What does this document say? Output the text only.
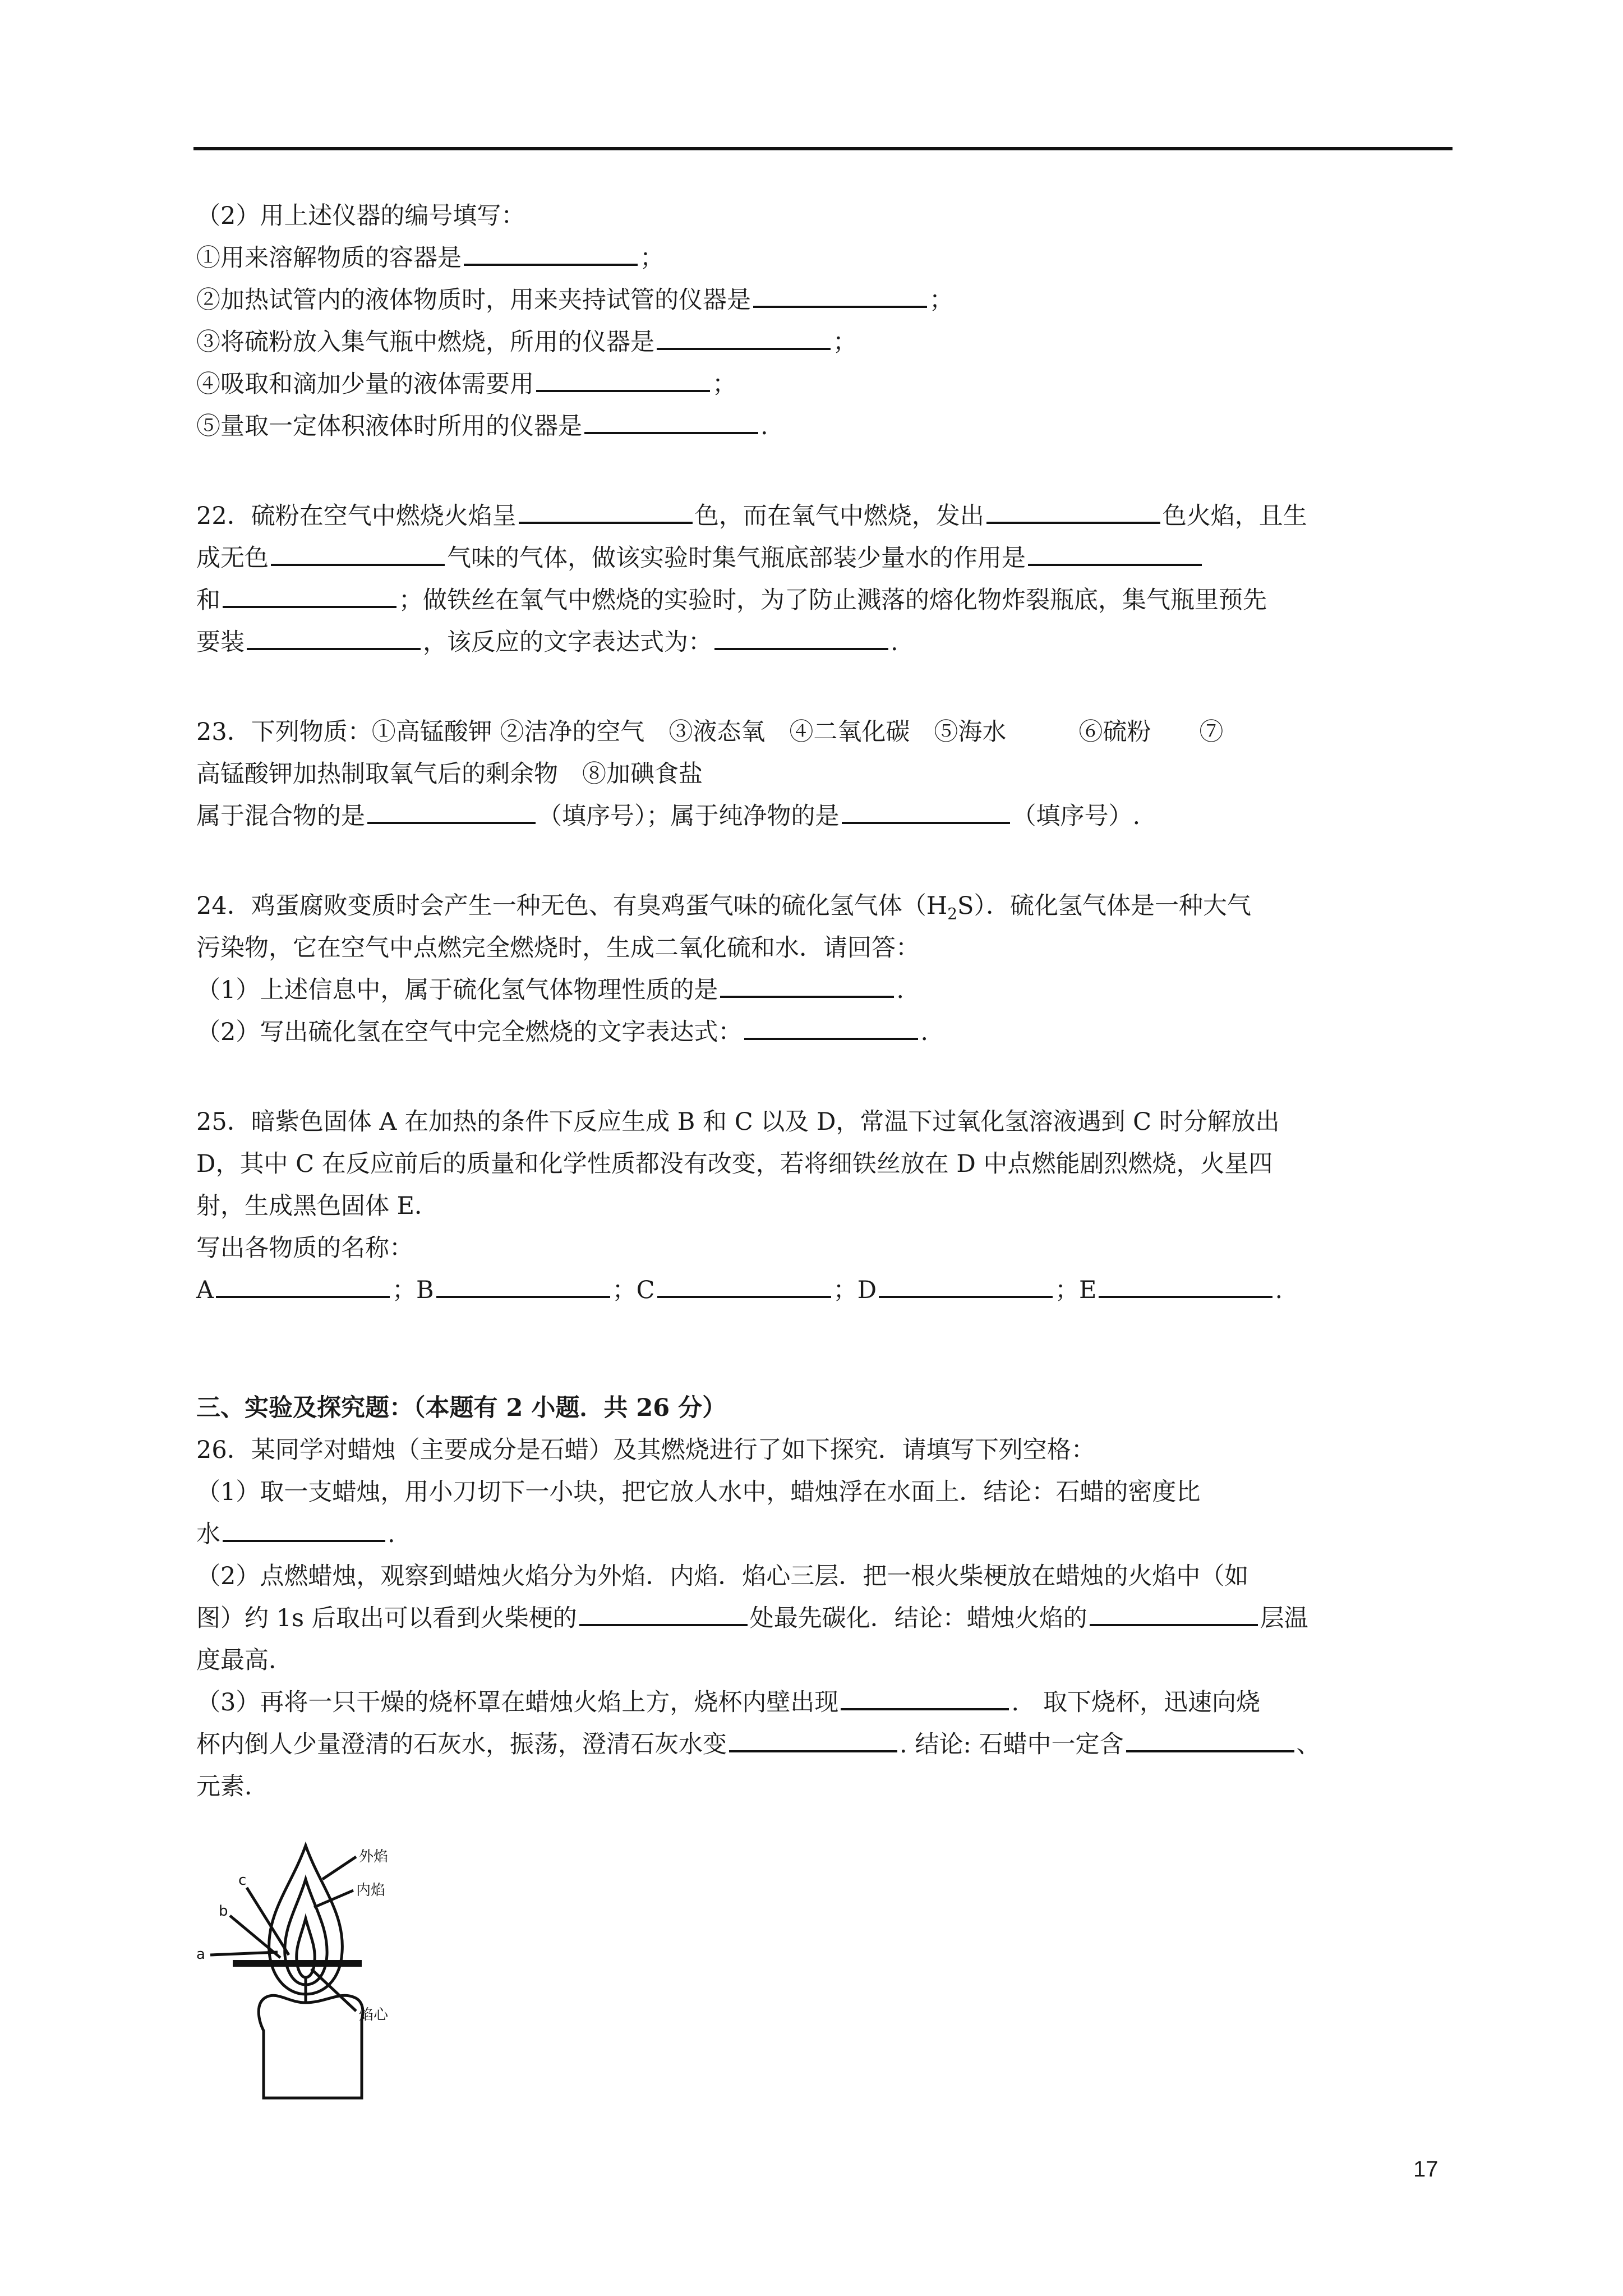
（2）用上述仪器的编号填写：
①用来溶解物质的容器是	；
②加热试管内的液体物质时，用来夹持试管的仪器是	；
③将硫粉放入集气瓶中燃烧，所用的仪器是	；
④吸取和滴加少量的液体需要用	；
⑤量取一定体积液体时所用的仪器是	.
22．硫粉在空气中燃烧火焰呈	色，而在氧气中燃烧，发出	色火焰，且生
成无色	气味的气体，做该实验时集气瓶底部装少量水的作用是
和	；做铁丝在氧气中燃烧的实验时，为了防止溅落的熔化物炸裂瓶底，集气瓶里预先
要装	，该反应的文字表达式为：	.
23．下列物质：①高锰酸钾 ②洁净的空气　③液态氧　④二氧化碳　⑤海水　　　⑥硫粉　　⑦
高锰酸钾加热制取氧气后的剩余物　⑧加碘食盐
属于混合物的是	（填序号）；属于纯净物的是	（填序号）.
24．鸡蛋腐败变质时会产生一种无色、有臭鸡蛋气味的硫化氢气体$(H_2S)$．硫化氢气体是一种大气
污染物，它在空气中点燃完全燃烧时，生成二氧化硫和水．请回答：
（1）上述信息中，属于硫化氢气体物理性质的是	.
（2）写出硫化氢在空气中完全燃烧的文字表达式：	.
25．暗紫色固体 A 在加热的条件下反应生成 B 和 C 以及 D，常温下过氧化氢溶液遇到 C 时分解放出
D，其中 C 在反应前后的质量和化学性质都没有改变，若将细铁丝放在 D 中点燃能剧烈燃烧，火星四
射，生成黑色固体 E．
写出各物质的名称：
A	；B	；C	；D	；E	.
三、实验及探究题：（本题有 2 小题．共 26 分）
26．某同学对蜡烛（主要成分是石蜡）及其燃烧进行了如下探究．请填写下列空格：
（1）取一支蜡烛，用小刀切下一小块，把它放人水中，蜡烛浮在水面上．结论：石蜡的密度比
水	.
（2）点燃蜡烛，观察到蜡烛火焰分为外焰．内焰．焰心三层．把一根火柴梗放在蜡烛的火焰中（如
图）约 1s 后取出可以看到火柴梗的	处最先碳化．结论：蜡烛火焰的	层温
度最高．
（3）再将一只干燥的烧杯罩在蜡烛火焰上方，烧杯内壁出现	.　取下烧杯，迅速向烧
杯内倒人少量澄清的石灰水，振荡，澄清石灰水变	. 结论: 石蜡中一定含	、
元素．
外焰
内焰
焰心
a
b
c
17
